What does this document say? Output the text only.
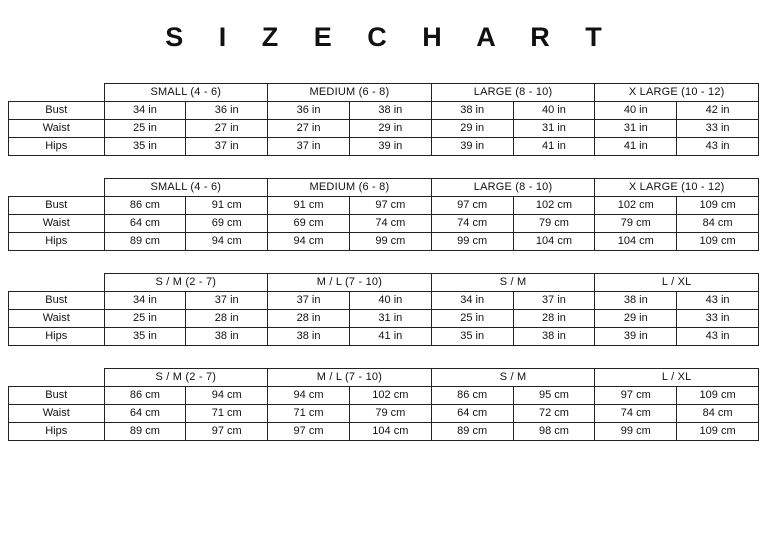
S I Z E C H A R T
	SMALL (4 - 6)		MEDIUM (6 - 8)		LARGE (8 - 10)		X LARGE (10 - 12)	
Bust	34 in	36 in	36 in	38 in	38 in	40 in	40 in	42 in
Waist	25 in	27 in	27 in	29 in	29 in	31 in	31 in	33 in
Hips	35 in	37 in	37 in	39 in	39 in	41 in	41 in	43 in
	SMALL (4 - 6)		MEDIUM (6 - 8)		LARGE (8 - 10)		X LARGE (10 - 12)	
Bust	86 cm	91 cm	91 cm	97 cm	97 cm	102 cm	102 cm	109 cm
Waist	64 cm	69 cm	69 cm	74 cm	74 cm	79 cm	79 cm	84 cm
Hips	89 cm	94 cm	94 cm	99 cm	99 cm	104 cm	104 cm	109 cm
	S / M (2 - 7)		M / L (7 - 10)		S / M		L / XL	
Bust	34 in	37 in	37 in	40 in	34 in	37 in	38 in	43 in
Waist	25 in	28 in	28 in	31 in	25 in	28 in	29 in	33 in
Hips	35 in	38 in	38 in	41 in	35 in	38 in	39 in	43 in
	S / M (2 - 7)		M / L (7 - 10)		S / M		L / XL	
Bust	86 cm	94 cm	94 cm	102 cm	86 cm	95 cm	97 cm	109 cm
Waist	64 cm	71 cm	71 cm	79 cm	64 cm	72 cm	74 cm	84 cm
Hips	89 cm	97 cm	97 cm	104 cm	89 cm	98 cm	99 cm	109 cm
